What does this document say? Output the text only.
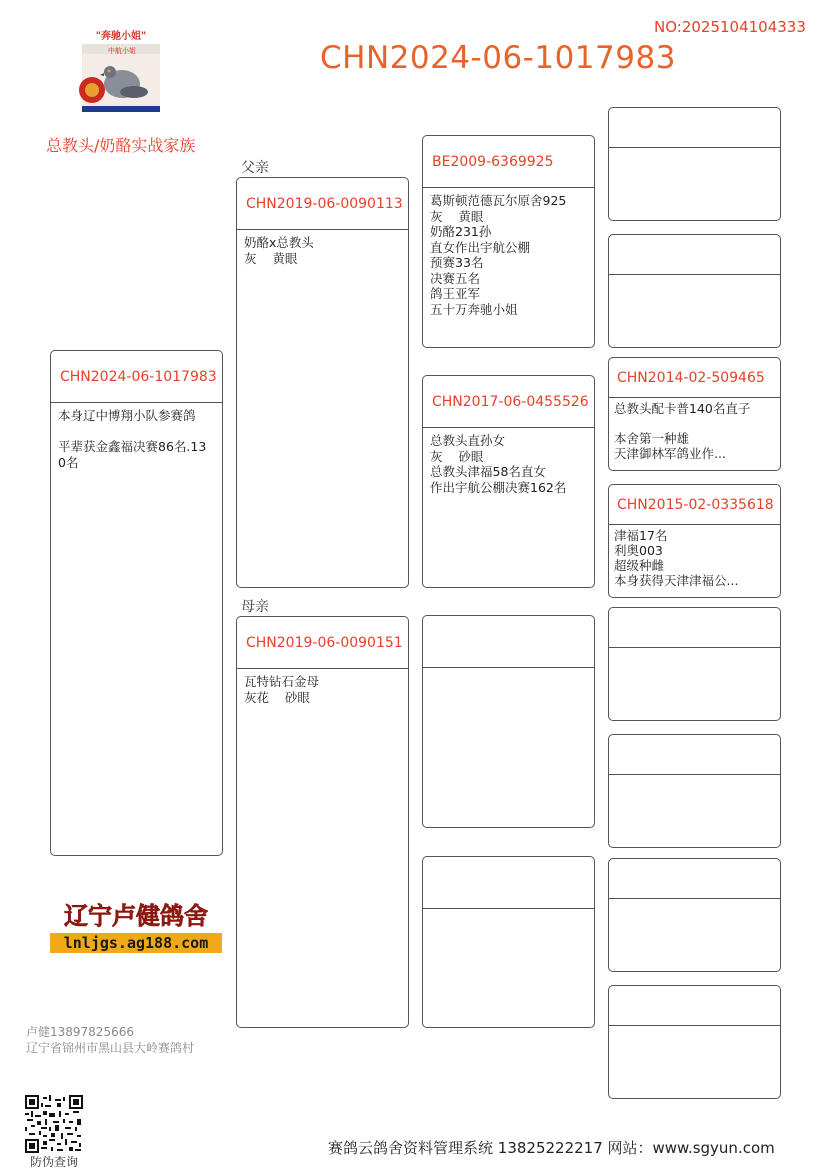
NO:2025104104333
CHN2024-06-1017983
"奔驰小姐"
中航小姐
总教头/奶酪实战家族
父亲
母亲
CHN2024-06-1017983
本身辽中博翔小队参赛鸽

平辈获金鑫福决赛86名.13
0名
CHN2019-06-0090113
奶酪x总教头
灰    黄眼
CHN2019-06-0090151
瓦特钻石金母
灰花    砂眼
BE2009-6369925
葛斯顿范德瓦尔原舍925
灰    黄眼
奶酪231孙
直女作出宇航公棚
预赛33名
决赛五名
鸽王亚军
五十万奔驰小姐
CHN2017-06-0455526
总教头直孙女
灰    砂眼
总教头津福58名直女
作出宇航公棚决赛162名
CHN2014-02-509465
总教头配卡普140名直子

本舍第一种雄
天津御林军鸽业作...
CHN2015-02-0335618
津福17名
利奥003
超级种雌
本身获得天津津福公...
辽宁卢健鸽舍
lnljgs.ag188.com
卢健13897825666
辽宁省锦州市黑山县大岭赛鸽村
防伪查询
赛鸽云鸽舍资料管理系统 13825222217 网站：www.sgyun.com
